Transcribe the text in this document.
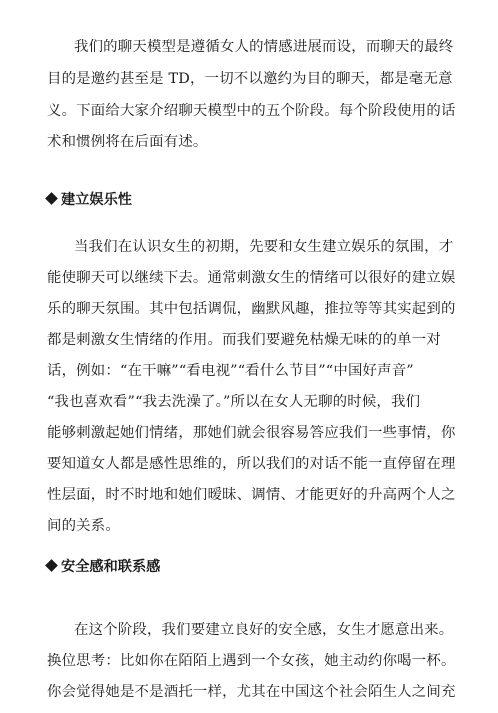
我们的聊天模型是遵循女人的情感进展而设，而聊天的最终
目的是邀约甚至是 TD，一切不以邀约为目的聊天，都是毫无意
义。下面给大家介绍聊天模型中的五个阶段。每个阶段使用的话
术和惯例将在后面有述。
建立娱乐性
当我们在认识女生的初期，先要和女生建立娱乐的氛围，才
能使聊天可以继续下去。通常刺激女生的情绪可以很好的建立娱
乐的聊天氛围。其中包括调侃，幽默风趣，推拉等等其实起到的
都是刺激女生情绪的作用。而我们要避免枯燥无味的的单一对
话，例如：“在干嘛”“看电视”“看什么节目”“中国好声音”
“我也喜欢看”“我去洗澡了。”所以在女人无聊的时候，我们
能够刺激起她们情绪，那她们就会很容易答应我们一些事情，你
要知道女人都是感性思维的，所以我们的对话不能一直停留在理
性层面，时不时地和她们暧昧、调情、才能更好的升高两个人之
间的关系。
安全感和联系感
在这个阶段，我们要建立良好的安全感，女生才愿意出来。
换位思考：比如你在陌陌上遇到一个女孩，她主动约你喝一杯。
你会觉得她是不是酒托一样，尤其在中国这个社会陌生人之间充
